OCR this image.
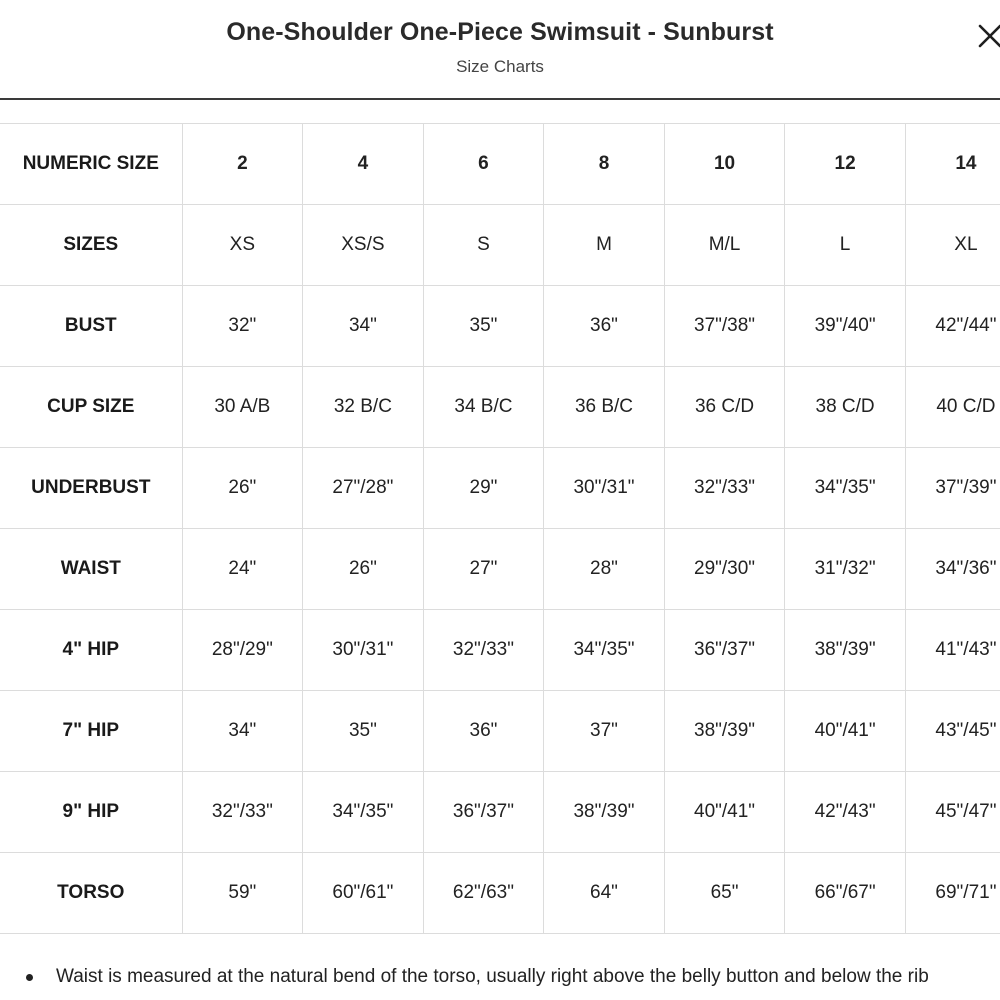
One-Shoulder One-Piece Swimsuit - Sunburst
Size Charts
NUMERIC SIZE	2	4	6	8	10	12	14
SIZES	XS	XS/S	S	M	M/L	L	XL
BUST	32"	34"	35"	36"	37"/38"	39"/40"	42"/44"
CUP SIZE	30 A/B	32 B/C	34 B/C	36 B/C	36 C/D	38 C/D	40 C/D
UNDERBUST	26"	27"/28"	29"	30"/31"	32"/33"	34"/35"	37"/39"
WAIST	24"	26"	27"	28"	29"/30"	31"/32"	34"/36"
4" HIP	28"/29"	30"/31"	32"/33"	34"/35"	36"/37"	38"/39"	41"/43"
7" HIP	34"	35"	36"	37"	38"/39"	40"/41"	43"/45"
9" HIP	32"/33"	34"/35"	36"/37"	38"/39"	40"/41"	42"/43"	45"/47"
TORSO	59"	60"/61"	62"/63"	64"	65"	66"/67"	69"/71"
Waist is measured at the natural bend of the torso, usually right above the belly button and below the rib
